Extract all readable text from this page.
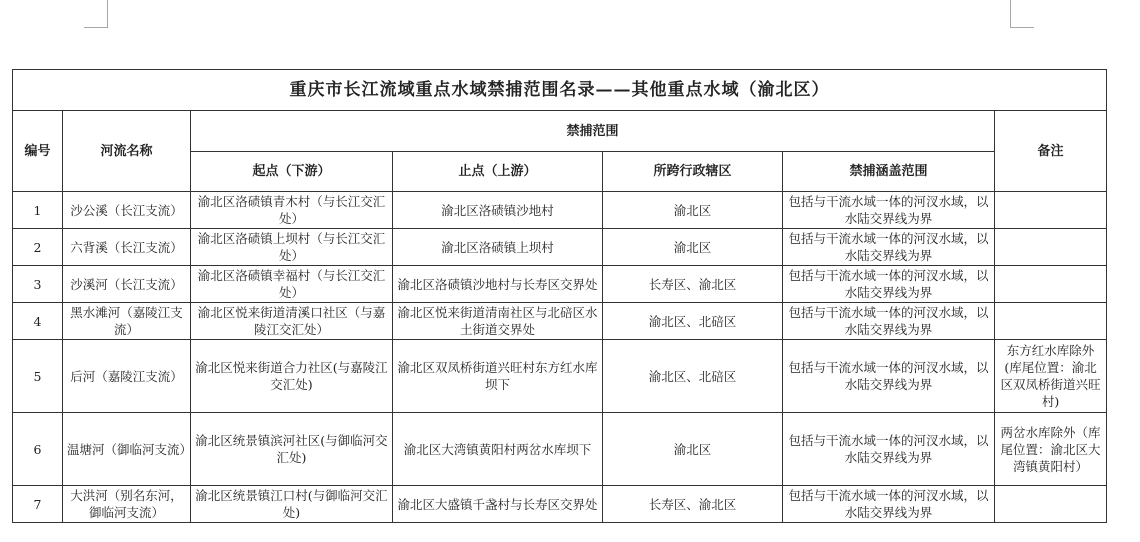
重庆市长江流域重点水域禁捕范围名录——其他重点水域（渝北区）						
编号	河流名称	禁捕范围				备注
		起点（下游）	止点（上游）	所跨行政辖区	禁捕涵盖范围	
1	沙公溪（长江支流）	渝北区洛碛镇青木村（与长江交汇处）	渝北区洛碛镇沙地村	渝北区	包括与干流水域一体的河汊水域，以水陆交界线为界	
2	六背溪（长江支流）	渝北区洛碛镇上坝村（与长江交汇处）	渝北区洛碛镇上坝村	渝北区	包括与干流水域一体的河汊水域，以水陆交界线为界	
3	沙溪河（长江支流）	渝北区洛碛镇幸福村（与长江交汇处）	渝北区洛碛镇沙地村与长寿区交界处	长寿区、渝北区	包括与干流水域一体的河汊水域，以水陆交界线为界	
4	黑水滩河（嘉陵江支流）	渝北区悦来街道清溪口社区（与嘉陵江交汇处）	渝北区悦来街道清南社区与北碚区水土街道交界处	渝北区、北碚区	包括与干流水域一体的河汊水域，以水陆交界线为界	
5	后河（嘉陵江支流）	渝北区悦来街道合力社区(与嘉陵江交汇处)	渝北区双凤桥街道兴旺村东方红水库坝下	渝北区、北碚区	包括与干流水域一体的河汊水域，以水陆交界线为界	东方红水库除外(库尾位置：渝北区双凤桥街道兴旺村)
6	温塘河（御临河支流）	渝北区统景镇滨河社区(与御临河交汇处)	渝北区大湾镇黄阳村两岔水库坝下	渝北区	包括与干流水域一体的河汊水域，以水陆交界线为界	两岔水库除外（库尾位置：渝北区大湾镇黄阳村）
7	大洪河（别名东河，御临河支流）	渝北区统景镇江口村(与御临河交汇处)	渝北区大盛镇千盏村与长寿区交界处	长寿区、渝北区	包括与干流水域一体的河汊水域，以水陆交界线为界	
